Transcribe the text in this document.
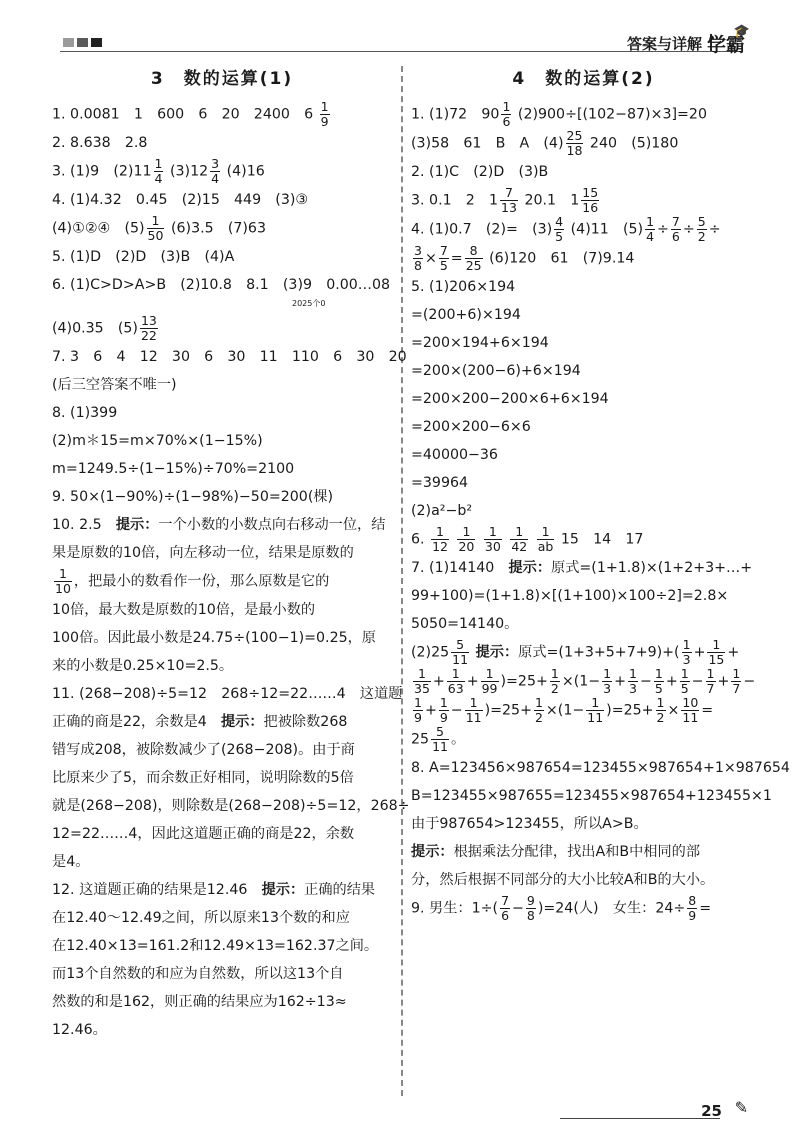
答案与详解 学霸
🎓
3　数的运算(1)
1. 0.0081　1　600　6　20　2400　$6 \frac{1}{9}$
2. 8.638　2.8
3. (1)9　$(2)11 \frac{1}{4} (3)12 \frac{3}{4} (4)16$
4. (1)4.32　0.45　(2)15　449　(3)③
(4)①②④　$(5) \frac{1}{50} (6)3.5$　(7)63
5. (1)D　(2)D　(3)B　(4)A
6. (1)C>D>A>B　(2)10.8　8.1　(3)9　0.00…08
2025个0
(4)0.35　$(5) \frac{13}{22}$
7. 3　6　4　12　30　6　30　11　110　6　30　20
(后三空答案不唯一)
8. (1)399
(2)m＊15=m×70%×(1−15%)
m=1249.5÷(1−15%)÷70%=2100
9. 50×(1−90%)÷(1−98%)−50=200(棵)
10. 2.5　提示：一个小数的小数点向右移动一位，结
果是原数的10倍，向左移动一位，结果是原数的
$\frac{1}{10}$ ，把最小的数看作一份，那么原数是它的
10倍，最大数是原数的10倍，是最小数的
100倍。因此最小数是24.75÷(100−1)=0.25，原
来的小数是0.25×10=2.5。
11. (268−208)÷5=12　268÷12=22……4　这道题
正确的商是22，余数是4　提示：把被除数268
错写成208，被除数减少了(268−208)。由于商
比原来少了5，而余数正好相同，说明除数的5倍
就是(268−208)，则除数是(268−208)÷5=12，268÷
12=22……4，因此这道题正确的商是22，余数
是4。
12. 这道题正确的结果是12.46　提示：正确的结果
在12.40～12.49之间，所以原来13个数的和应
在12.40×13=161.2和12.49×13=162.37之间。
而13个自然数的和应为自然数，所以这13个自
然数的和是162，则正确的结果应为162÷13≈
12.46。
4　数的运算(2)
1. (1)72　$90 \frac{1}{6} (2)900\div[(102-87)\times 3]=20$
(3)58　61　B　A　$(4) \frac{25}{18} 240$　(5)180
2. (1)C　(2)D　(3)B
3. 0.1　2　$1 \frac{7}{13} 20.1$　$1 \frac{15}{16}$
4. (1)0.7　(2)=　$(3) \frac{4}{5} (4)11$　$(5) \frac{1}{4} \div \frac{7}{6} \div \frac{5}{2}$ ÷
$\frac{3}{8} \times \frac{7}{5} = \frac{8}{25} (6)120$　61　(7)9.14
5. (1)206×194
=(200+6)×194
=200×194+6×194
=200×(200−6)+6×194
=200×200−200×6+6×194
=200×200−6×6
=40000−36
=39964
(2)a²−b²
6. $\frac{1}{12}$
$\frac{1}{20}$
$\frac{1}{30}$
$\frac{1}{42}$
$\frac{1}{ab} 15$　14　17
7. (1)14140　提示：原式=(1+1.8)×(1+2+3+…+
99+100)=(1+1.8)×[(1+100)×100÷2]=2.8×
5050=14140。
$(2)25 \frac{5}{11}$ 提示：原式$=(1+3+5+7+9)+( \frac{1}{3} + \frac{1}{15}$ +
$\frac{1}{35} + \frac{1}{63} + \frac{1}{99} )=25+ \frac{1}{2} \times(1- \frac{1}{3} + \frac{1}{3} - \frac{1}{5} + \frac{1}{5} - \frac{1}{7} + \frac{1}{7}$ −
$\frac{1}{9} + \frac{1}{9} - \frac{1}{11} )=25+ \frac{1}{2} \times(1- \frac{1}{11} )=25+ \frac{1}{2} \times \frac{10}{11}$ =
$25 \frac{5}{11}$ 。
8. A=123456×987654=123455×987654+1×987654
B=123455×987655=123455×987654+123455×1
由于987654>123455，所以A>B。
提示：根据乘法分配律，找出A和B中相同的部
分，然后根据不同部分的大小比较A和B的大小。
9. 男生：$1\div( \frac{7}{6} - \frac{9}{8} )=24$(人)　女生：$24\div \frac{8}{9}$ =
25 ✎
